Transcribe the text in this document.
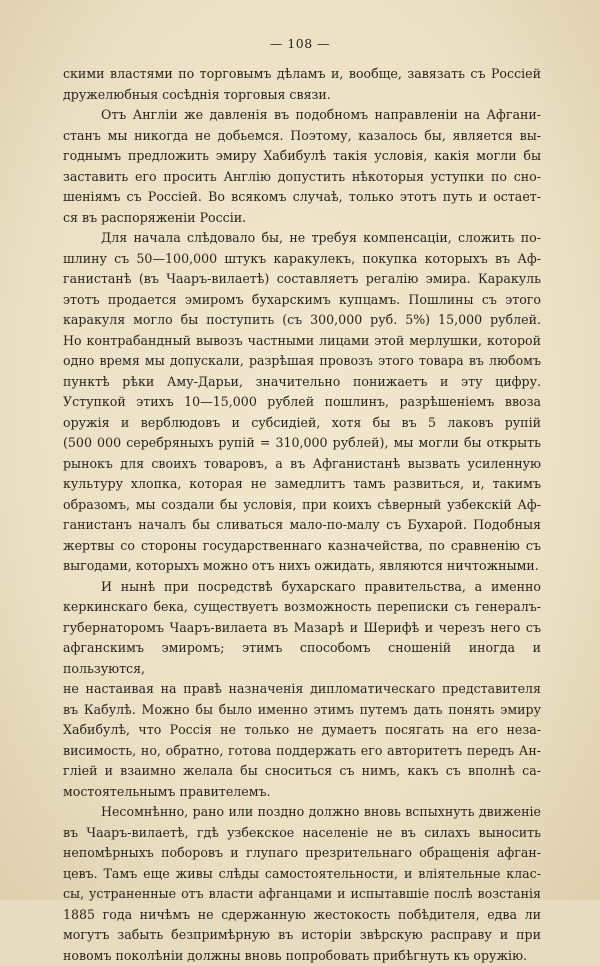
— 108 —

скими властями по торговымъ дѣламъ и, вообще, завязать съ Россiей

дружелюбныя сосѣднiя торговыя связи.

Отъ Англiи же давленiя въ подобномъ направленiи на Афгани-

станъ мы никогда не добьемся. Поэтому, казалось бы, является вы-

годнымъ предложить эмиру Хабибулѣ такiя условiя, какiя могли бы

заставить его просить Англiю допустить нѣкоторыя уступки по сно-

шенiямъ съ Россiей. Во всякомъ случаѣ, только этотъ путь и остает-

ся въ распоряженiи Россiи.

Для начала слѣдовало бы, не требуя компенсацiи, сложить по-

шлину съ 50—100,000 штукъ каракулекъ, покупка которыхъ въ Аф-

ганистанѣ (въ Чааръ-вилаетѣ) составляетъ регалiю эмира. Каракуль

этотъ продается эмиромъ бухарскимъ купцамъ. Пошлины съ этого

каракуля могло бы поступить (съ 300,000 руб. 5%) 15,000 рублей.

Но контрабандный вывозъ частными лицами этой мерлушки, которой

одно время мы допускали, разрѣшая провозъ этого товара въ любомъ

пунктѣ рѣки Аму-Дарьи, значительно понижаетъ и эту цифру.

Уступкой этихъ 10—15,000 рублей пошлинъ, разрѣшенiемъ ввоза

оружiя и верблюдовъ и субсидiей, хотя бы въ 5 лаковъ рупiй

(500 000 серебряныхъ рупiй = 310,000 рублей), мы могли бы открыть

рынокъ для своихъ товаровъ, а въ Афганистанѣ вызвать усиленную

культуру хлопка, которая не замедлитъ тамъ развиться, и, такимъ

образомъ, мы создали бы условiя, при коихъ сѣверный узбекскiй Аф-

ганистанъ началъ бы сливаться мало-по-малу съ Бухарой. Подобныя

жертвы со стороны государственнаго казначейства, по сравненiю съ

выгодами, которыхъ можно отъ нихъ ожидать, являются ничтожными.

И нынѣ при посредствѣ бухарскаго правительства, а именно

керкинскаго бека, существуетъ возможность переписки съ генералъ-

губернаторомъ Чааръ-вилаета въ Мазарѣ и Шерифѣ и черезъ него съ

афганскимъ эмиромъ; этимъ способомъ сношенiй иногда и пользуются,

не настаивая на правѣ назначенiя дипломатическаго представителя

въ Кабулѣ. Можно бы было именно этимъ путемъ дать понять эмиру

Хабибулѣ, что Россiя не только не думаетъ посягать на его неза-

висимость, но, обратно, готова поддержать его авторитетъ передъ Ан-

глiей и взаимно желала бы сноситься съ нимъ, какъ съ вполнѣ са-

мостоятельнымъ правителемъ.

Несомнѣнно, рано или поздно должно вновь вспыхнуть движенiе

въ Чааръ-вилаетѣ, гдѣ узбекское населенiе не въ силахъ выносить

непомѣрныхъ поборовъ и глупаго презрительнаго обращенiя афган-

цевъ. Тамъ еще живы слѣды самостоятельности, и влiятельные клас-

сы, устраненные отъ власти афганцами и испытавшiе послѣ возстанiя

1885 года ничѣмъ не сдержанную жестокость побѣдителя, едва ли

могутъ забыть безпримѣрную въ исторiи звѣрскую расправу и при

новомъ поколѣнiи должны вновь попробовать прибѣгнуть къ оружiю.
